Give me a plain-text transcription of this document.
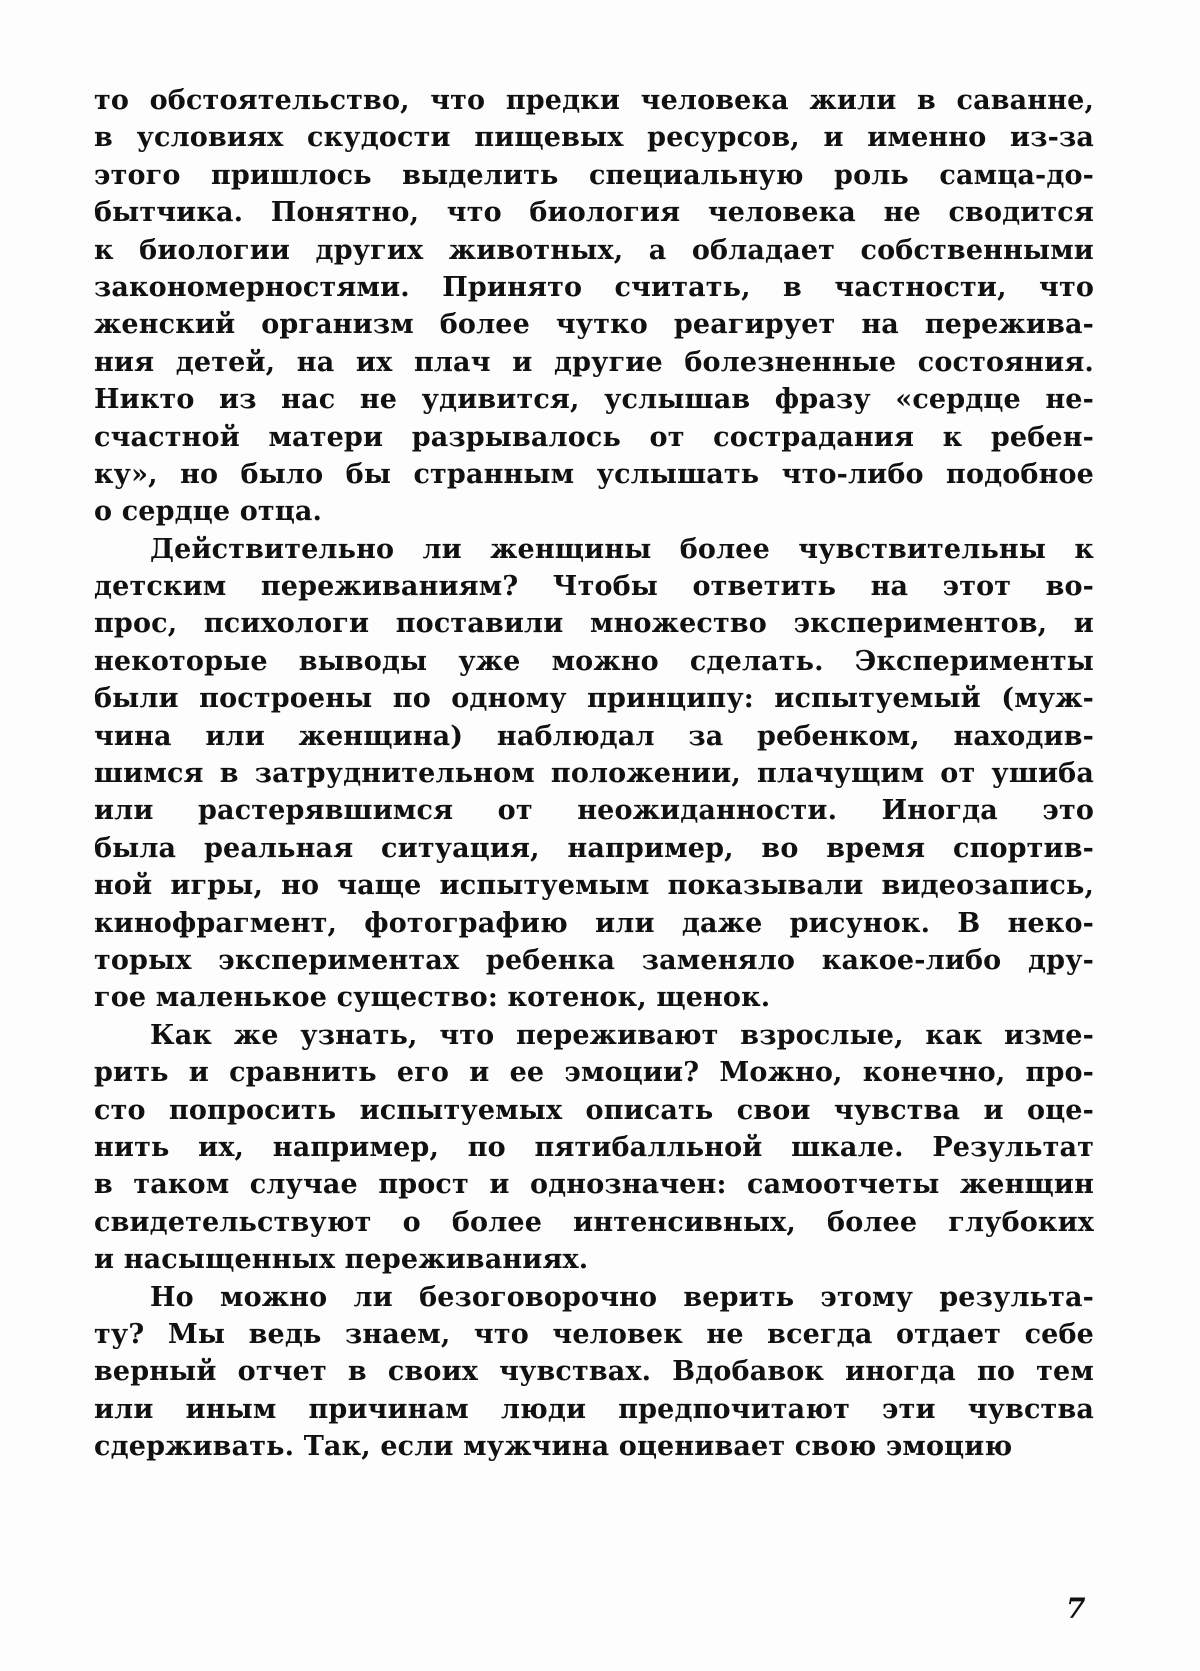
то обстоятельство, что предки человека жили в саванне,
в условиях скудости пищевых ресурсов, и именно из-за
этого пришлось выделить специальную роль самца-до-
бытчика. Понятно, что биология человека не сводится
к биологии других животных, а обладает собственными
закономерностями. Принято считать, в частности, что
женский организм более чутко реагирует на пережива-
ния детей, на их плач и другие болезненные состояния.
Никто из нас не удивится, услышав фразу «сердце не-
счастной матери разрывалось от сострадания к ребен-
ку», но было бы странным услышать что-либо подобное
о сердце отца.
Действительно ли женщины более чувствительны к
детским переживаниям? Чтобы ответить на этот во-
прос, психологи поставили множество экспериментов, и
некоторые выводы уже можно сделать. Эксперименты
были построены по одному принципу: испытуемый (муж-
чина или женщина) наблюдал за ребенком, находив-
шимся в затруднительном положении, плачущим от ушиба
или растерявшимся от неожиданности. Иногда это
была реальная ситуация, например, во время спортив-
ной игры, но чаще испытуемым показывали видеозапись,
кинофрагмент, фотографию или даже рисунок. В неко-
торых экспериментах ребенка заменяло какое-либо дру-
гое маленькое существо: котенок, щенок.
Как же узнать, что переживают взрослые, как изме-
рить и сравнить его и ее эмоции? Можно, конечно, про-
сто попросить испытуемых описать свои чувства и оце-
нить их, например, по пятибалльной шкале. Результат
в таком случае прост и однозначен: самоотчеты женщин
свидетельствуют о более интенсивных, более глубоких
и насыщенных переживаниях.
Но можно ли безоговорочно верить этому результа-
ту? Мы ведь знаем, что человек не всегда отдает себе
верный отчет в своих чувствах. Вдобавок иногда по тем
или иным причинам люди предпочитают эти чувства
сдерживать. Так, если мужчина оценивает свою эмоцию
7
